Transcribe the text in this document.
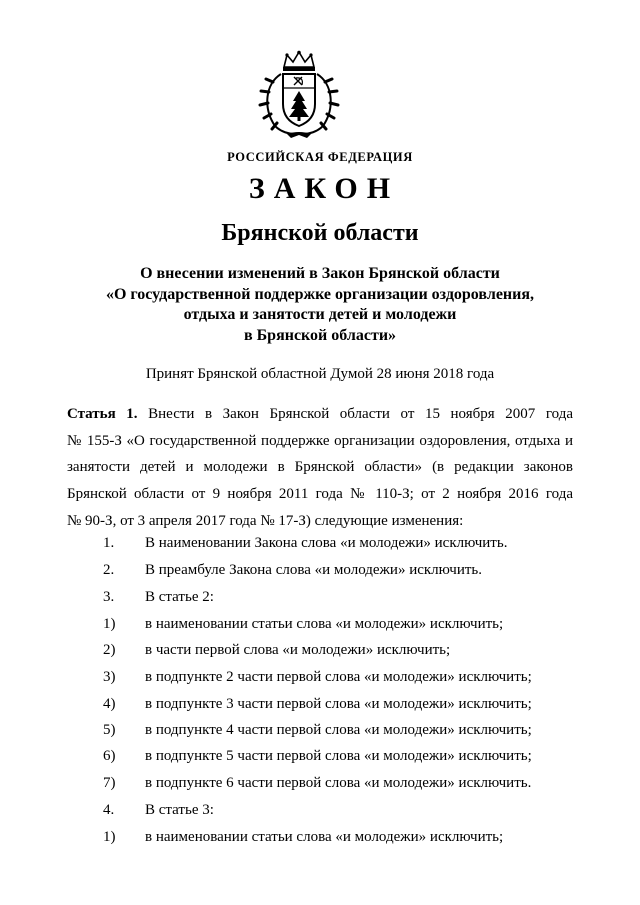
РОССИЙСКАЯ ФЕДЕРАЦИЯ
ЗАКОН
Брянской области
О внесении изменений в Закон Брянской области
«О государственной поддержке организации оздоровления,
отдыха и занятости детей и молодежи
в Брянской области»
Принят Брянской областной Думой 28 июня 2018 года
Статья 1. Внести в Закон Брянской области от 15 ноября 2007 года
№ 155-З «О государственной поддержке организации оздоровления, отдыха и
занятости детей и молодежи в Брянской области» (в редакции законов
Брянской области от 9 ноября 2011 года № 110-З; от 2 ноября 2016 года
№ 90-З, от 3 апреля 2017 года № 17-З) следующие изменения:
1. В наименовании Закона слова «и молодежи» исключить.
2. В преамбуле Закона слова «и молодежи» исключить.
3. В статье 2:
1) в наименовании статьи слова «и молодежи» исключить;
2) в части первой слова «и молодежи» исключить;
3) в подпункте 2 части первой слова «и молодежи» исключить;
4) в подпункте 3 части первой слова «и молодежи» исключить;
5) в подпункте 4 части первой слова «и молодежи» исключить;
6) в подпункте 5 части первой слова «и молодежи» исключить;
7) в подпункте 6 части первой слова «и молодежи» исключить.
4. В статье 3:
1) в наименовании статьи слова «и молодежи» исключить;
